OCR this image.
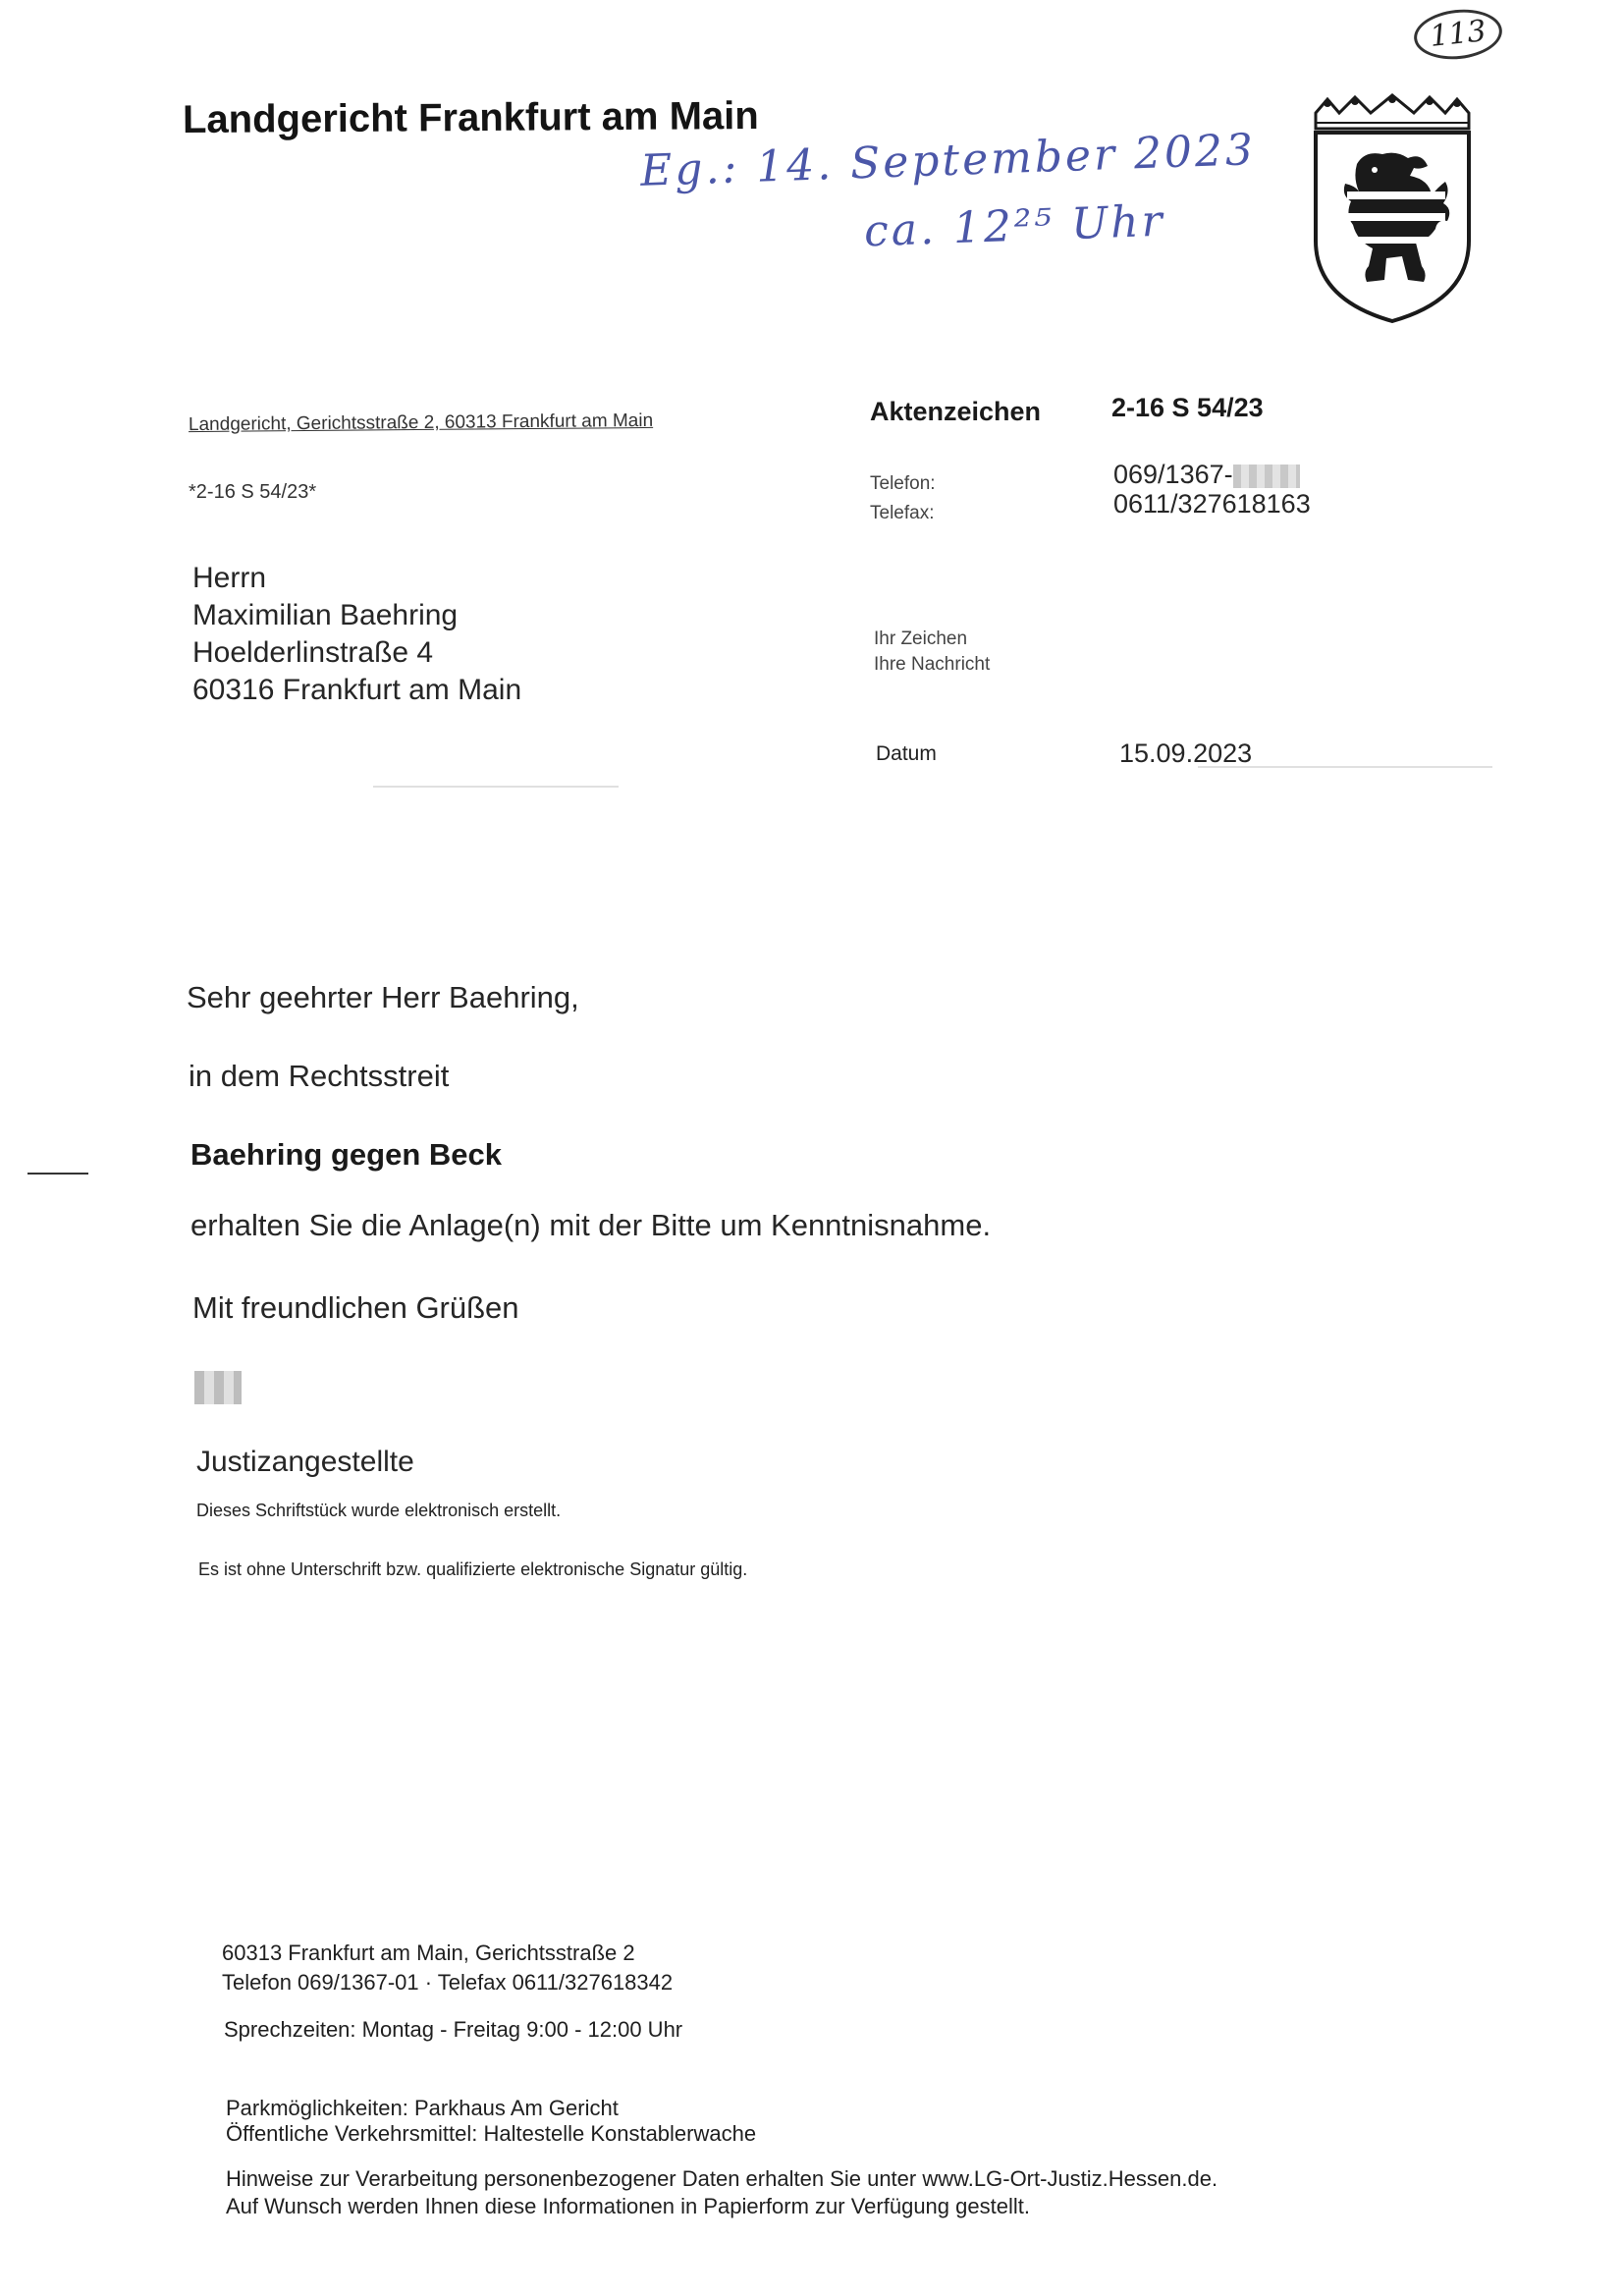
Landgericht Frankfurt am Main
113
Eg.: 14. September 2023
ca. 12²⁵ Uhr
Landgericht, Gerichtsstraße 2, 60313 Frankfurt am Main
*2-16 S 54/23*
Herrn
Maximilian Baehring
Hoelderlinstraße 4
60316 Frankfurt am Main
Aktenzeichen	2-16 S 54/23
Telefon:	069/1367-
Telefax:	0611/327618163
Ihr Zeichen
Ihre Nachricht
Datum	15.09.2023
Sehr geehrter Herr Baehring,
in dem Rechtsstreit
Baehring gegen Beck
erhalten Sie die Anlage(n) mit der Bitte um Kenntnisnahme.
Mit freundlichen Grüßen
Justizangestellte
Dieses Schriftstück wurde elektronisch erstellt.
Es ist ohne Unterschrift bzw. qualifizierte elektronische Signatur gültig.
60313 Frankfurt am Main, Gerichtsstraße 2
Telefon 069/1367-01 · Telefax 0611/327618342
Sprechzeiten: Montag - Freitag 9:00 - 12:00 Uhr
Parkmöglichkeiten: Parkhaus Am Gericht
Öffentliche Verkehrsmittel: Haltestelle Konstablerwache
Hinweise zur Verarbeitung personenbezogener Daten erhalten Sie unter www.LG-Ort-Justiz.Hessen.de.
Auf Wunsch werden Ihnen diese Informationen in Papierform zur Verfügung gestellt.
